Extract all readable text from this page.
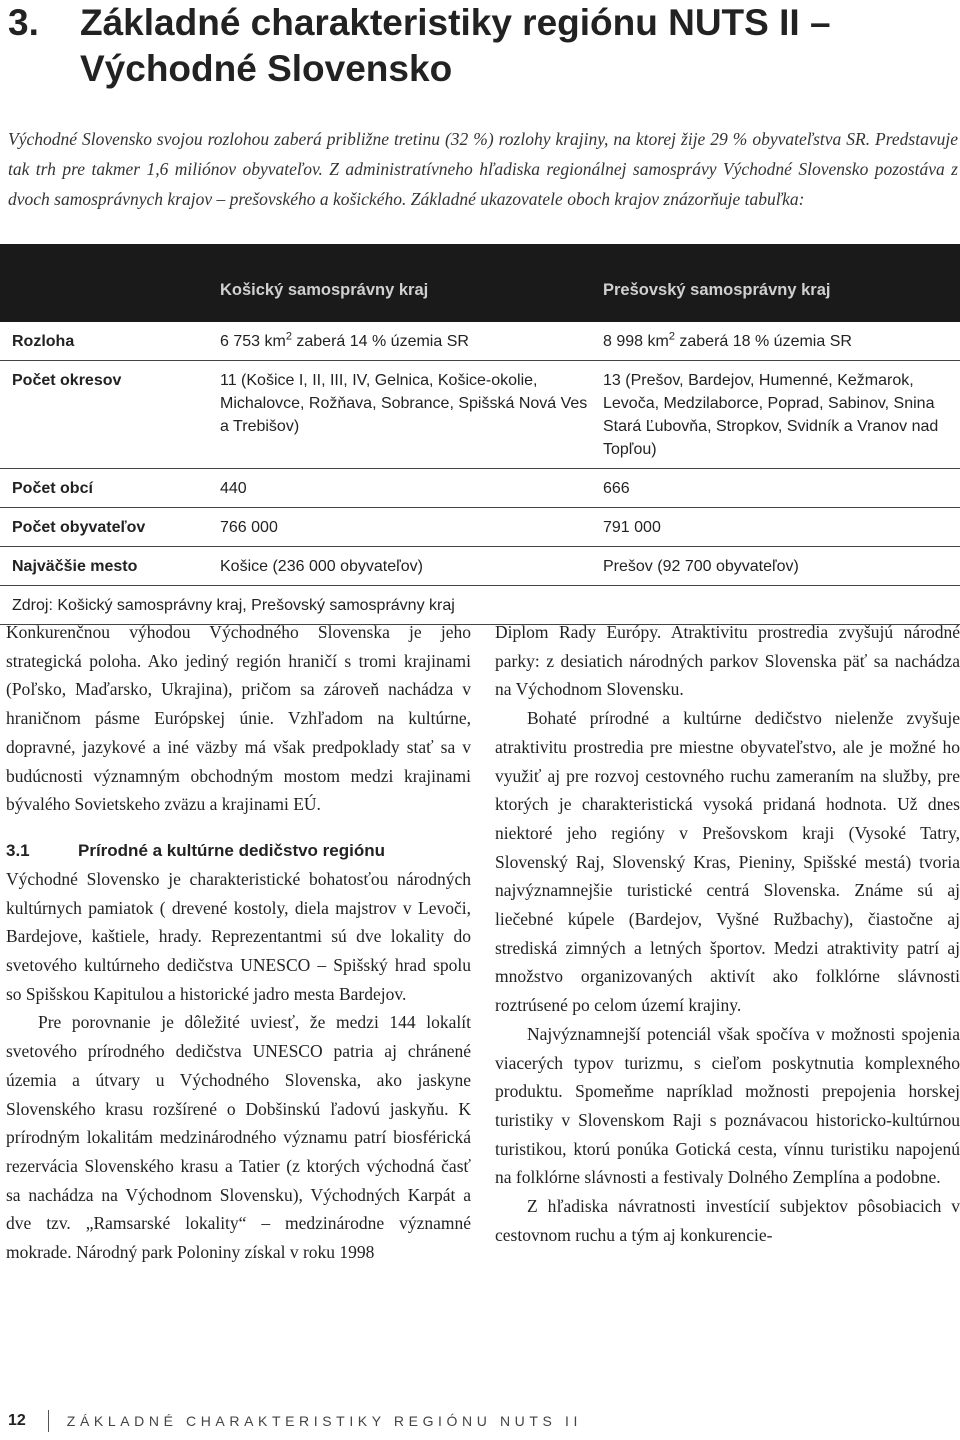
3. Základné charakteristiky regiónu NUTS II –
Východné Slovensko

Východné Slovensko svojou rozlohou zaberá približne tretinu (32 %) rozlohy krajiny, na ktorej žije 29 % obyvateľstva SR. Predstavuje tak trh pre takmer 1,6 miliónov obyvateľov. Z administratívneho hľadiska regionálnej samosprávy Východné Slovensko pozostáva z dvoch samosprávnych krajov – prešovského a košického. Základné ukazovatele oboch krajov znázorňuje tabuľka:

	Košický samosprávny kraj	Prešovský samosprávny kraj
Rozloha	6 753 $km^2$ zaberá 14 % územia SR	8 998 $km^2$ zaberá 18 % územia SR
Počet okresov	11 (Košice I, II, III, IV, Gelnica, Košice-okolie, Michalovce, Rožňava, Sobrance, Spišská Nová Ves a Trebišov)	13 (Prešov, Bardejov, Humenné, Kežmarok, Levoča, Medzilaborce, Poprad, Sabinov, Snina Stará Ľubovňa, Stropkov, Svidník a Vranov nad Topľou)
Počet obcí	440	666
Počet obyvateľov	766 000	791 000
Najväčšie mesto	Košice (236 000 obyvateľov)	Prešov (92 700 obyvateľov)
Zdroj: Košický samosprávny kraj, Prešovský samosprávny kraj		

Konkurenčnou výhodou Východného Slovenska je jeho strategická poloha. Ako jediný región hraničí s tromi krajinami (Poľsko, Maďarsko, Ukrajina), pričom sa zároveň nachádza v hraničnom pásme Európskej únie. Vzhľadom na kultúrne, dopravné, jazykové a iné väzby má však predpoklady stať sa v budúcnosti významným obchodným mostom medzi krajinami bývalého Sovietskeho zväzu a krajinami EÚ.

3.1	Prírodné a kultúrne dedičstvo regiónu

Východné Slovensko je charakteristické bohatosťou národných kultúrnych pamiatok ( drevené kostoly, diela majstrov v Levoči, Bardejove, kaštiele, hrady. Reprezentantmi sú dve lokality do svetového kultúrneho dedičstva UNESCO – Spišský hrad spolu so Spišskou Kapitulou a historické jadro mesta Bardejov.

Pre porovnanie je dôležité uviesť, že medzi 144 lokalít svetového prírodného dedičstva UNESCO patria aj chránené územia a útvary u Východného Slovenska, ako jaskyne Slovenského krasu rozšírené o Dobšinskú ľadovú jaskyňu. K prírodným lokalitám medzinárodného významu patrí biosférická rezervácia Slovenského krasu a Tatier (z ktorých východná časť sa nachádza na Východnom Slovensku), Východných Karpát a dve tzv. „Ramsarské lokality“ – medzinárodne významné mokrade. Národný park Poloniny získal v roku 1998

Diplom Rady Európy. Atraktivitu prostredia zvyšujú národné parky: z desiatich národných parkov Slovenska päť sa nachádza na Východnom Slovensku.

Bohaté prírodné a kultúrne dedičstvo nielenže zvyšuje atraktivitu prostredia pre miestne obyvateľstvo, ale je možné ho využiť aj pre rozvoj cestovného ruchu zameraním na služby, pre ktorých je charakteristická vysoká pridaná hodnota. Už dnes niektoré jeho regióny v Prešovskom kraji (Vysoké Tatry, Slovenský Raj, Slovenský Kras, Pieniny, Spišské mestá) tvoria najvýznamnejšie turistické centrá Slovenska. Známe sú aj liečebné kúpele (Bardejov, Vyšné Ružbachy), čiastočne aj strediská zimných a letných športov. Medzi atraktivity patrí aj množstvo organizovaných aktivít ako folklórne slávnosti roztrúsené po celom území krajiny.

Najvýznamnejší potenciál však spočíva v možnosti spojenia viacerých typov turizmu, s cieľom poskytnutia komplexného produktu. Spomeňme napríklad možnosti prepojenia horskej turistiky v Slovenskom Raji s poznávacou historicko-kultúrnou turistikou, ktorú ponúka Gotická cesta, vínnu turistiku napojenú na folklórne slávnosti a festivaly Dolného Zemplína a podobne.

Z hľadiska návratnosti investícií subjektov pôsobiacich v cestovnom ruchu a tým aj konkurencie-

12	ZÁKLADNÉ CHARAKTERISTIKY REGIÓNU NUTS II
